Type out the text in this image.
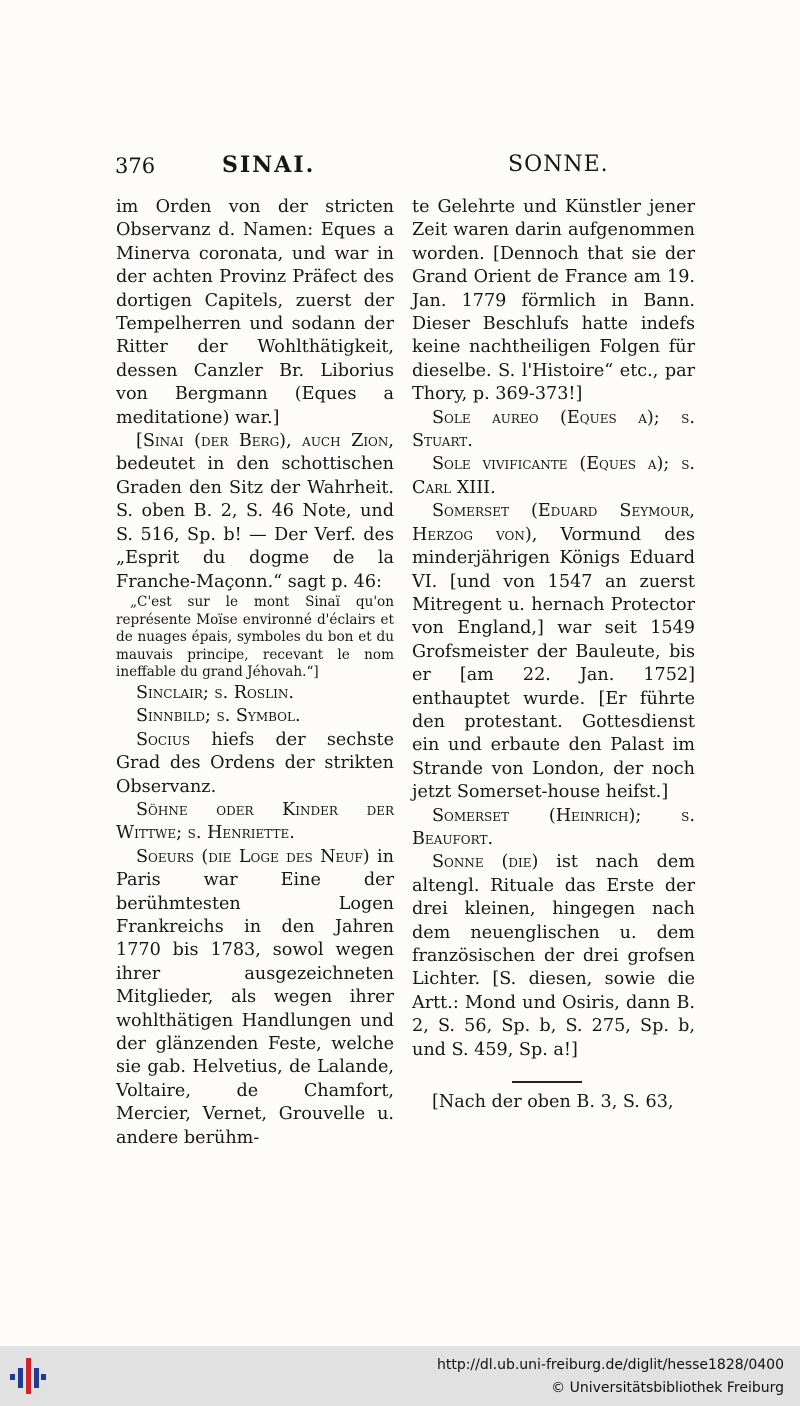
376	SINAI.	SONNE.

im Orden von der stricten Observanz d. Namen: Eques a Minerva coronata, und war in der achten Provinz Präfect des dortigen Capitels, zuerst der Tempelherren und sodann der Ritter der Wohlthätigkeit, dessen Canzler Br. Liborius von Bergmann (Eques a meditatione) war.]

[Sinai (der Berg), auch Zion, bedeutet in den schottischen Graden den Sitz der Wahrheit. S. oben B. 2, S. 46 Note, und S. 516, Sp. b! — Der Verf. des „Esprit du dogme de la Franche-Maçonn.“ sagt p. 46:

„C'est sur le mont Sinaï qu'on représente Moïse environné d'éclairs et de nuages épais, symboles du bon et du mauvais principe, recevant le nom ineffable du grand Jéhovah.“]

Sinclair; s. Roslin.

Sinnbild; s. Symbol.

Socius hiefs der sechste Grad des Ordens der strikten Observanz.

Söhne oder Kinder der Wittwe; s. Henriette.

Soeurs (die Loge des Neuf) in Paris war Eine der berühmtesten Logen Frankreichs in den Jahren 1770 bis 1783, sowol wegen ihrer ausgezeichneten Mitglieder, als wegen ihrer wohlthätigen Handlungen und der glänzenden Feste, welche sie gab. Helvetius, de Lalande, Voltaire, de Chamfort, Mercier, Vernet, Grouvelle u. andere berühm-

te Gelehrte und Künstler jener Zeit waren darin aufgenommen worden. [Dennoch that sie der Grand Orient de France am 19. Jan. 1779 förmlich in Bann. Dieser Beschlufs hatte indefs keine nachtheiligen Folgen für dieselbe. S. l'Histoire“ etc., par Thory, p. 369-373!]

Sole aureo (Eques a); s. Stuart.

Sole vivificante (Eques a); s. Carl XIII.

Somerset (Eduard Seymour, Herzog von), Vormund des minderjährigen Königs Eduard VI. [und von 1547 an zuerst Mitregent u. hernach Protector von England,] war seit 1549 Grofsmeister der Bauleute, bis er [am 22. Jan. 1752] enthauptet wurde. [Er führte den protestant. Gottesdienst ein und erbaute den Palast im Strande von London, der noch jetzt Somerset-house heifst.]

Somerset (Heinrich); s. Beaufort.

Sonne (die) ist nach dem altengl. Rituale das Erste der drei kleinen, hingegen nach dem neuenglischen u. dem französischen der drei grofsen Lichter. [S. diesen, sowie die Artt.: Mond und Osiris, dann B. 2, S. 56, Sp. b, S. 275, Sp. b, und S. 459, Sp. a!]

[Nach der oben B. 3, S. 63,

http://dl.ub.uni-freiburg.de/diglit/hesse1828/0400
© Universitätsbibliothek Freiburg
